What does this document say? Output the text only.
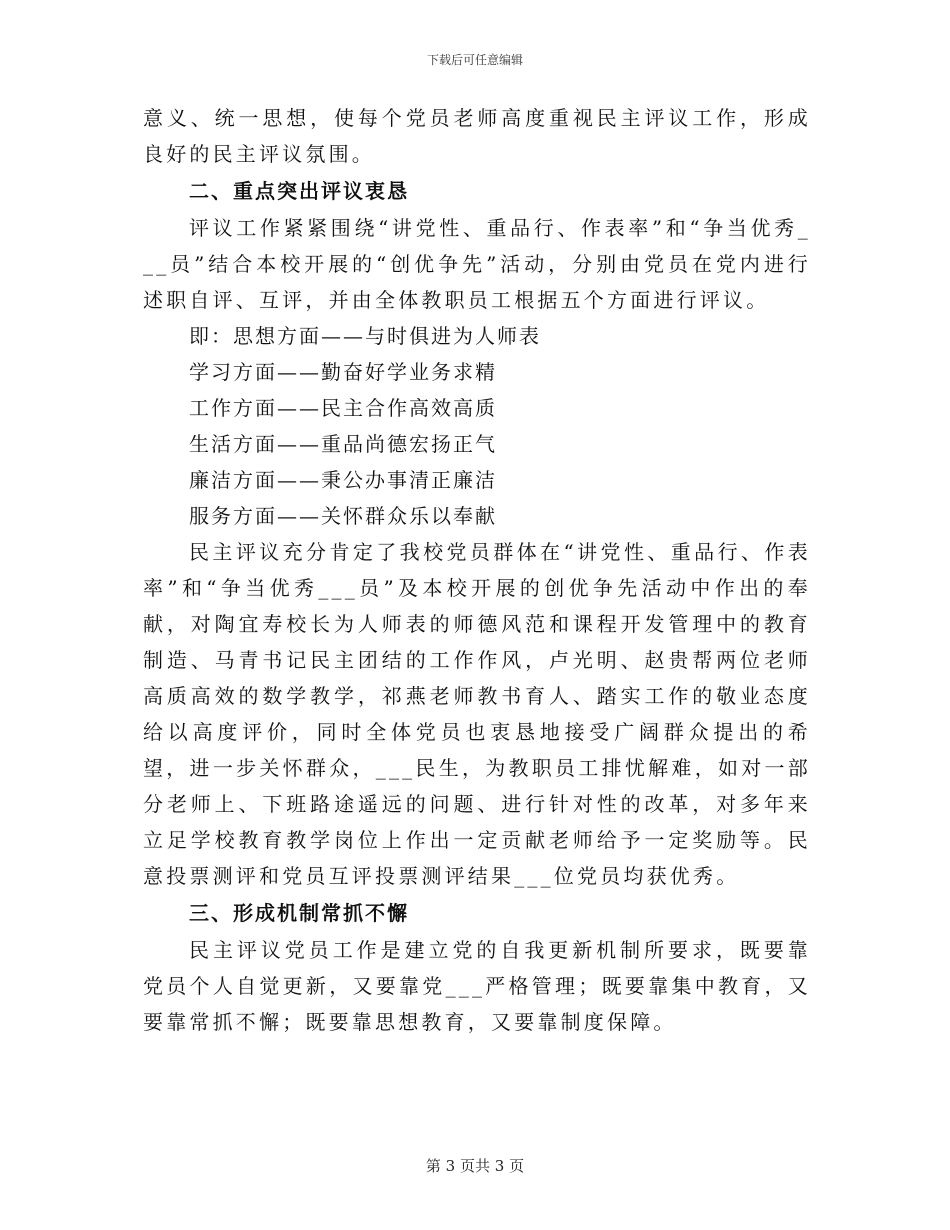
下载后可任意编辑

意义、统一思想，使每个党员老师高度重视民主评议工作，形成良好的民主评议氛围。

二、重点突出评议衷恳

评议工作紧紧围绕“讲党性、重品行、作表率”和“争当优秀___员”结合本校开展的“创优争先”活动，分别由党员在党内进行述职自评、互评，并由全体教职员工根据五个方面进行评议。

即：思想方面——与时俱进为人师表

学习方面——勤奋好学业务求精

工作方面——民主合作高效高质

生活方面——重品尚德宏扬正气

廉洁方面——秉公办事清正廉洁

服务方面——关怀群众乐以奉献

民主评议充分肯定了我校党员群体在“讲党性、重品行、作表率”和“争当优秀___员”及本校开展的创优争先活动中作出的奉献，对陶宜寿校长为人师表的师德风范和课程开发管理中的教育制造、马青书记民主团结的工作作风，卢光明、赵贵帮两位老师高质高效的数学教学，祁燕老师教书育人、踏实工作的敬业态度给以高度评价，同时全体党员也衷恳地接受广阔群众提出的希望，进一步关怀群众，___民生，为教职员工排忧解难，如对一部分老师上、下班路途遥远的问题、进行针对性的改革，对多年来立足学校教育教学岗位上作出一定贡献老师给予一定奖励等。民意投票测评和党员互评投票测评结果___位党员均获优秀。

三、形成机制常抓不懈

民主评议党员工作是建立党的自我更新机制所要求，既要靠党员个人自觉更新，又要靠党___严格管理；既要靠集中教育，又要靠常抓不懈；既要靠思想教育，又要靠制度保障。

第 3 页共 3 页
